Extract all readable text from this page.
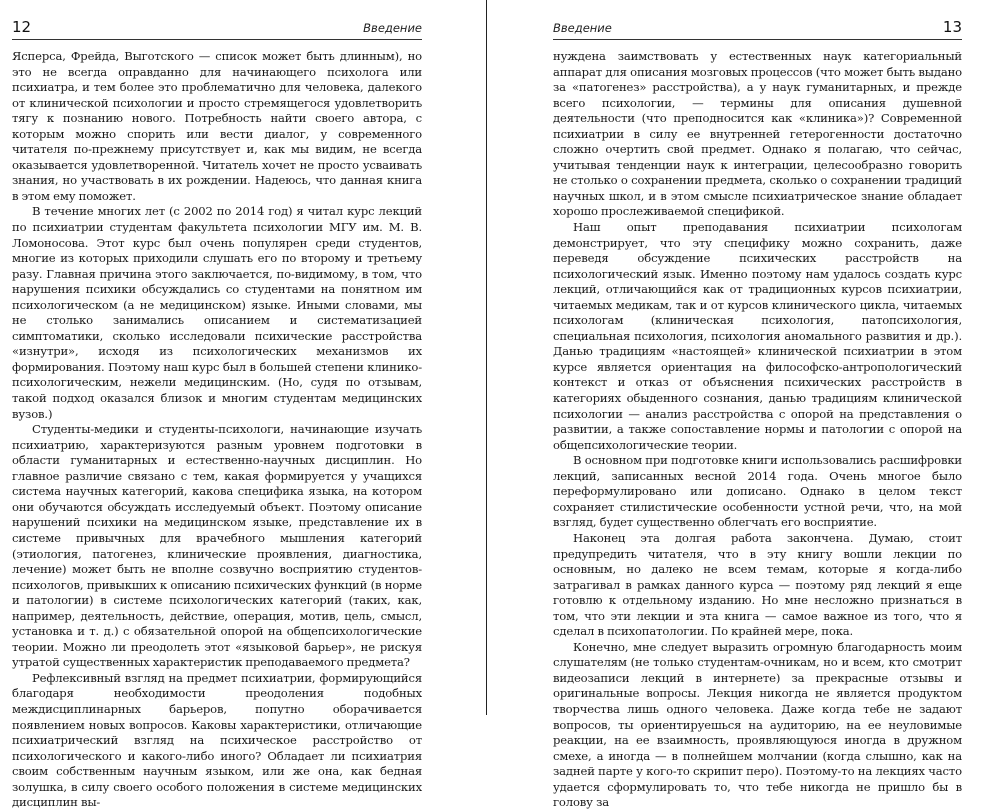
12	Введение

Ясперса, Фрейда, Выготского — список может быть длинным), но это не всегда оправданно для начинающего психолога или психиатра, и тем более это проблематично для человека, далекого от клинической психологии и просто стремящегося удовлетворить тягу к познанию нового. Потребность найти своего автора, с которым можно спорить или вести диалог, у современного читателя по-прежнему присутствует и, как мы видим, не всегда оказывается удовлетворенной. Читатель хочет не просто усваивать знания, но участвовать в их рождении. Надеюсь, что данная книга в этом ему поможет.

В течение многих лет (с 2002 по 2014 год) я читал курс лекций по психиатрии студентам факультета психологии МГУ им. М. В. Ломоносова. Этот курс был очень популярен среди студентов, многие из которых приходили слушать его по второму и третьему разу. Главная причина этого заключается, по-видимому, в том, что нарушения психики обсуждались со студентами на понятном им психологическом (а не медицинском) языке. Иными словами, мы не столько занимались описанием и систематизацией симптоматики, сколько исследовали психические расстройства «изнутри», исходя из психологических механизмов их формирования. Поэтому наш курс был в большей степени клинико-психологическим, нежели медицинским. (Но, судя по отзывам, такой подход оказался близок и многим студентам медицинских вузов.)

Студенты-медики и студенты-психологи, начинающие изучать психиатрию, характеризуются разным уровнем подготовки в области гуманитарных и естественно-научных дисциплин. Но главное различие связано с тем, какая формируется у учащихся система научных категорий, какова специфика языка, на котором они обучаются обсуждать исследуемый объект. Поэтому описание нарушений психики на медицинском языке, представление их в системе привычных для врачебного мышления категорий (этиология, патогенез, клинические проявления, диагностика, лечение) может быть не вполне созвучно восприятию студентов-психологов, привыкших к описанию психических функций (в норме и патологии) в системе психологических категорий (таких, как, например, деятельность, действие, операция, мотив, цель, смысл, установка и т. д.) с обязательной опорой на общепсихологические теории. Можно ли преодолеть этот «языковой барьер», не рискуя утратой существенных характеристик преподаваемого предмета?

Рефлексивный взгляд на предмет психиатрии, формирующийся благодаря необходимости преодоления подобных междисциплинарных барьеров, попутно оборачивается появлением новых вопросов. Каковы характеристики, отличающие психиатрический взгляд на психическое расстройство от психологического и какого-либо иного? Обладает ли психиатрия своим собственным научным языком, или же она, как бедная золушка, в силу своего особого положения в системе медицинских дисциплин вы-

Введение	13

нуждена заимствовать у естественных наук категориальный аппарат для описания мозговых процессов (что может быть выдано за «патогенез» расстройства), а у наук гуманитарных, и прежде всего психологии, — термины для описания душевной деятельности (что преподносится как «клиника»)? Современной психиатрии в силу ее внутренней гетерогенности достаточно сложно очертить свой предмет. Однако я полагаю, что сейчас, учитывая тенденции наук к интеграции, целесообразно говорить не столько о сохранении предмета, сколько о сохранении традиций научных школ, и в этом смысле психиатрическое знание обладает хорошо прослеживаемой спецификой.

Наш опыт преподавания психиатрии психологам демонстрирует, что эту специфику можно сохранить, даже переведя обсуждение психических расстройств на психологический язык. Именно поэтому нам удалось создать курс лекций, отличающийся как от традиционных курсов психиатрии, читаемых медикам, так и от курсов клинического цикла, читаемых психологам (клиническая психология, патопсихология, специальная психология, психология аномального развития и др.). Данью традициям «настоящей» клинической психиатрии в этом курсе является ориентация на философско-антропологический контекст и отказ от объяснения психических расстройств в категориях обыденного сознания, данью традициям клинической психологии — анализ расстройства с опорой на представления о развитии, а также сопоставление нормы и патологии с опорой на общепсихологические теории.

В основном при подготовке книги использовались расшифровки лекций, записанных весной 2014 года. Очень многое было переформулировано или дописано. Однако в целом текст сохраняет стилистические особенности устной речи, что, на мой взгляд, будет существенно облегчать его восприятие.

Наконец эта долгая работа закончена. Думаю, стоит предупредить читателя, что в эту книгу вошли лекции по основным, но далеко не всем темам, которые я когда-либо затрагивал в рамках данного курса — поэтому ряд лекций я еще готовлю к отдельному изданию. Но мне несложно признаться в том, что эти лекции и эта книга — самое важное из того, что я сделал в психопатологии. По крайней мере, пока.

Конечно, мне следует выразить огромную благодарность моим слушателям (не только студентам-очникам, но и всем, кто смотрит видеозаписи лекций в интернете) за прекрасные отзывы и оригинальные вопросы. Лекция никогда не является продуктом творчества лишь одного человека. Даже когда тебе не задают вопросов, ты ориентируешься на аудиторию, на ее неуловимые реакции, на ее взаимность, проявляющуюся иногда в дружном смехе, а иногда — в полнейшем молчании (когда слышно, как на задней парте у кого-то скрипит перо). Поэтому-то на лекциях часто удается сформулировать то, что тебе никогда не пришло бы в голову за
